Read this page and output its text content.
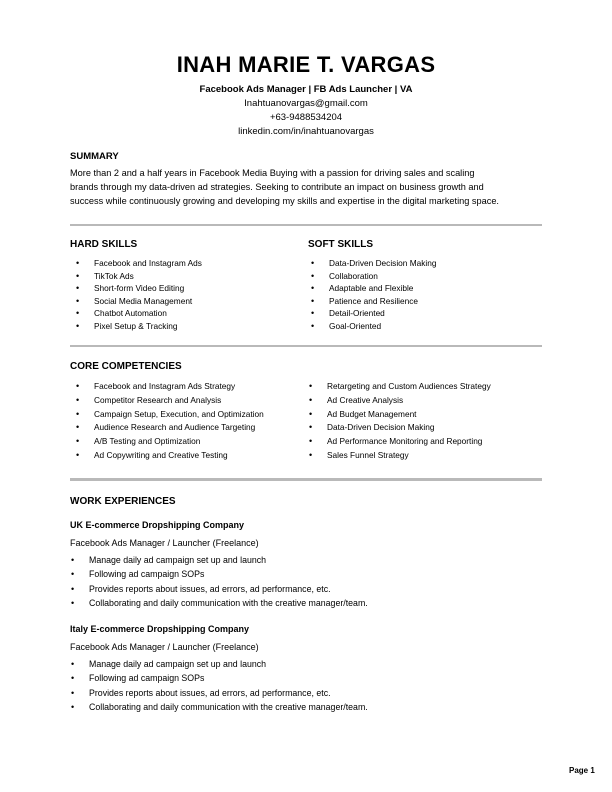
INAH MARIE T. VARGAS
Facebook Ads Manager | FB Ads Launcher | VA
Inahtuanovargas@gmail.com
+63-9488534204
linkedin.com/in/inahtuanovargas
SUMMARY
More than 2 and a half years in Facebook Media Buying with a passion for driving sales and scaling
brands through my data-driven ad strategies. Seeking to contribute an impact on business growth and
success while continuously growing and developing my skills and expertise in the digital marketing space.
HARD SKILLS	SOFT SKILLS
• Facebook and Instagram Ads
• TikTok Ads
• Short-form Video Editing
• Social Media Management
• Chatbot Automation
• Pixel Setup & Tracking
• Data-Driven Decision Making
• Collaboration
• Adaptable and Flexible
• Patience and Resilience
• Detail-Oriented
• Goal-Oriented
CORE COMPETENCIES
• Facebook and Instagram Ads Strategy
• Competitor Research and Analysis
• Campaign Setup, Execution, and Optimization
• Audience Research and Audience Targeting
• A/B Testing and Optimization
• Ad Copywriting and Creative Testing
• Retargeting and Custom Audiences Strategy
• Ad Creative Analysis
• Ad Budget Management
• Data-Driven Decision Making
• Ad Performance Monitoring and Reporting
• Sales Funnel Strategy
WORK EXPERIENCES
UK E-commerce Dropshipping Company
Facebook Ads Manager / Launcher (Freelance)
• Manage daily ad campaign set up and launch
• Following ad campaign SOPs
• Provides reports about issues, ad errors, ad performance, etc.
• Collaborating and daily communication with the creative manager/team.
Italy E-commerce Dropshipping Company
Facebook Ads Manager / Launcher (Freelance)
• Manage daily ad campaign set up and launch
• Following ad campaign SOPs
• Provides reports about issues, ad errors, ad performance, etc.
• Collaborating and daily communication with the creative manager/team.
Page 1
